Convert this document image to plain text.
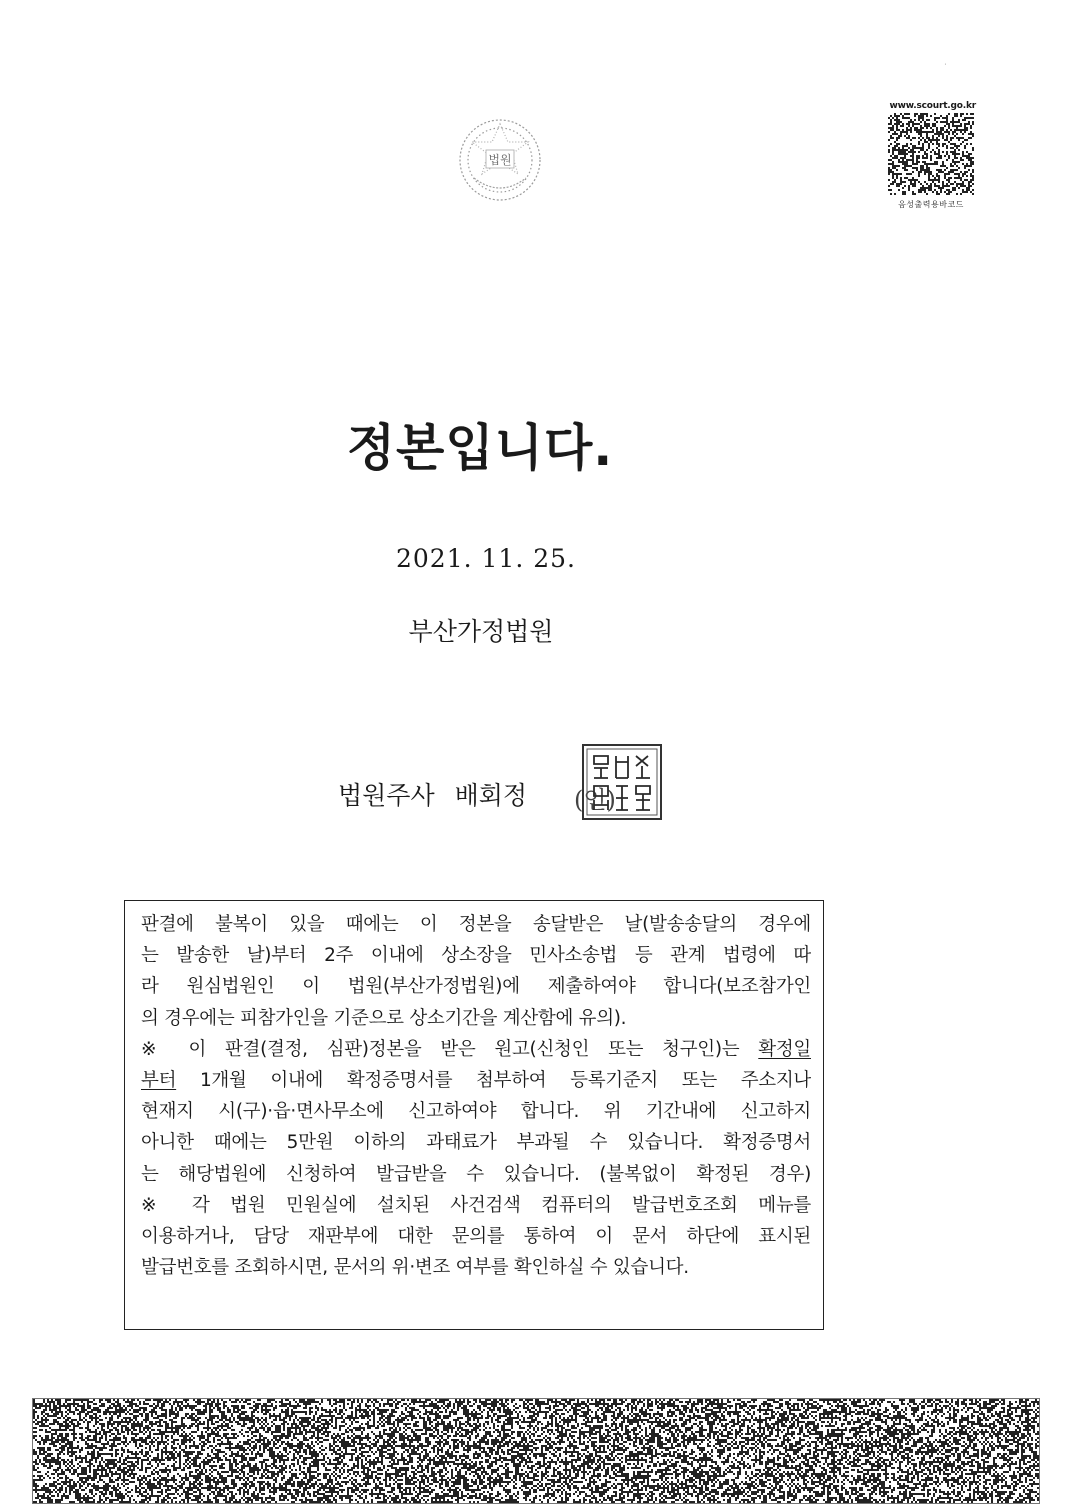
법원
www.scourt.go.kr
음성출력용바코드
⋅
정본입니다.
2021. 11. 25.
부산가정법원
법원주사 배회정 (인)
판결에 불복이 있을 때에는 이 정본을 송달받은 날(발송송달의 경우에
는 발송한 날)부터 2주 이내에 상소장을 민사소송법 등 관계 법령에 따
라 원심법원인 이 법원(부산가정법원)에 제출하여야 합니다(보조참가인
의 경우에는 피참가인을 기준으로 상소기간을 계산함에 유의).
※ 이 판결(결정, 심판)정본을 받은 원고(신청인 또는 청구인)는 확정일
부터 1개월 이내에 확정증명서를 첨부하여 등록기준지 또는 주소지나
현재지 시(구)·읍·면사무소에 신고하여야 합니다. 위 기간내에 신고하지
아니한 때에는 5만원 이하의 과태료가 부과될 수 있습니다. 확정증명서
는 해당법원에 신청하여 발급받을 수 있습니다. (불복없이 확정된 경우)
※ 각 법원 민원실에 설치된 사건검색 컴퓨터의 발급번호조회 메뉴를
이용하거나, 담당 재판부에 대한 문의를 통하여 이 문서 하단에 표시된
발급번호를 조회하시면, 문서의 위·변조 여부를 확인하실 수 있습니다.
